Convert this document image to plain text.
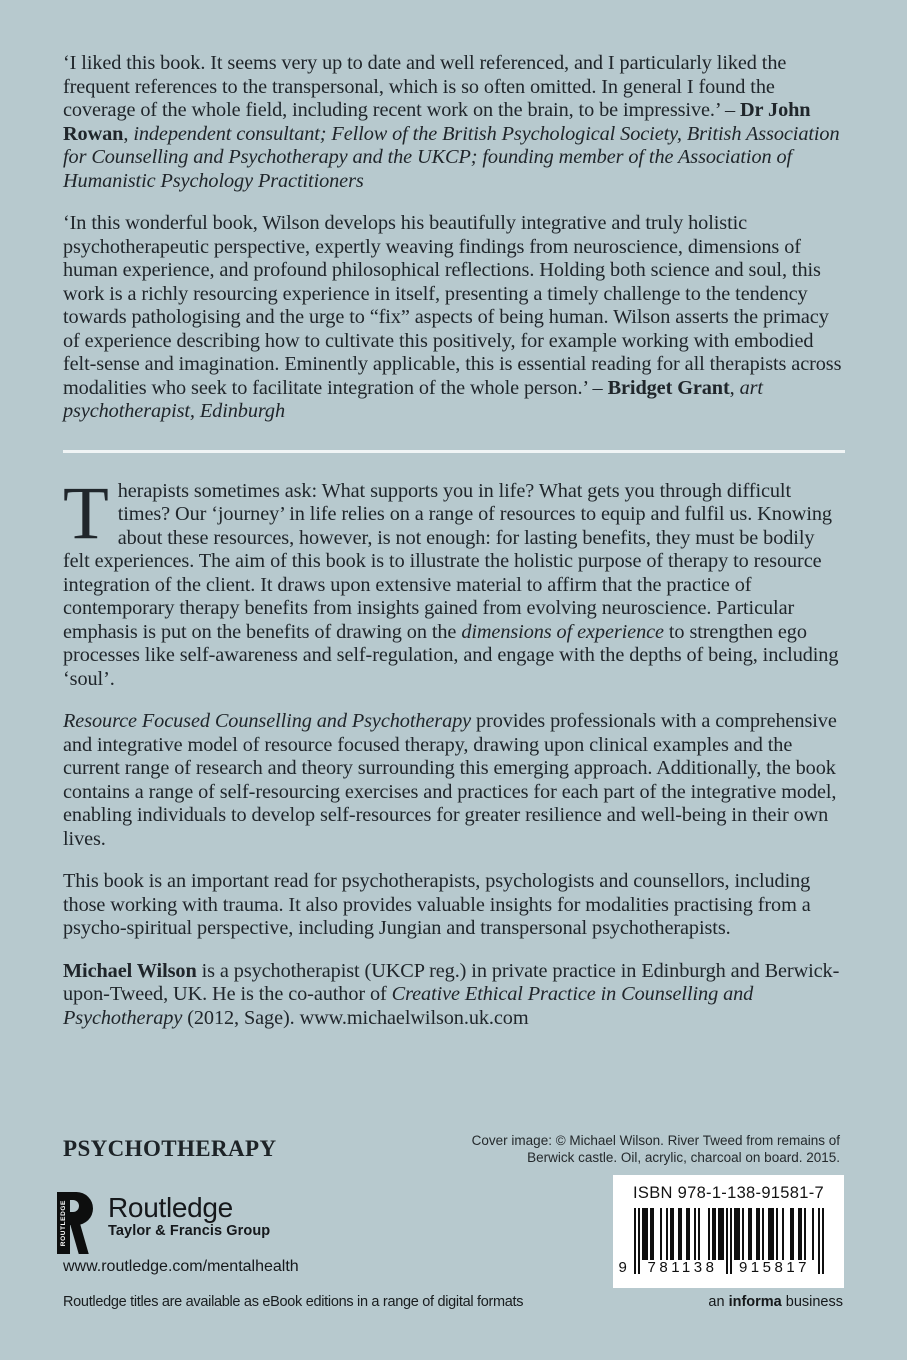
‘I liked this book. It seems very up to date and well referenced, and I particularly liked the frequent references to the transpersonal, which is so often omitted. In general I found the coverage of the whole field, including recent work on the brain, to be impressive.’ – Dr John Rowan, independent consultant; Fellow of the British Psychological Society, British Association for Counselling and Psychotherapy and the UKCP; founding member of the Association of Humanistic Psychology Practitioners

‘In this wonderful book, Wilson develops his beautifully integrative and truly holistic psychotherapeutic perspective, expertly weaving findings from neuroscience, dimensions of human experience, and profound philosophical reflections. Holding both science and soul, this work is a richly resourcing experience in itself, presenting a timely challenge to the tendency towards pathologising and the urge to “fix” aspects of being human. Wilson asserts the primacy of experience describing how to cultivate this positively, for example working with embodied felt-sense and imagination. Eminently applicable, this is essential reading for all therapists across modalities who seek to facilitate integration of the whole person.’ – Bridget Grant, art psychotherapist, Edinburgh

Therapists sometimes ask: What supports you in life? What gets you through difficult times? Our ‘journey’ in life relies on a range of resources to equip and fulfil us. Knowing about these resources, however, is not enough: for lasting benefits, they must be bodily felt experiences. The aim of this book is to illustrate the holistic purpose of therapy to resource integration of the client. It draws upon extensive material to affirm that the practice of contemporary therapy benefits from insights gained from evolving neuroscience. Particular emphasis is put on the benefits of drawing on the dimensions of experience to strengthen ego processes like self-awareness and self-regulation, and engage with the depths of being, including ‘soul’.

Resource Focused Counselling and Psychotherapy provides professionals with a comprehensive and integrative model of resource focused therapy, drawing upon clinical examples and the current range of research and theory surrounding this emerging approach. Additionally, the book contains a range of self-resourcing exercises and practices for each part of the integrative model, enabling individuals to develop self-resources for greater resilience and well-being in their own lives.

This book is an important read for psychotherapists, psychologists and counsellors, including those working with trauma. It also provides valuable insights for modalities practising from a psycho-spiritual perspective, including Jungian and transpersonal psychotherapists.

Michael Wilson is a psychotherapist (UKCP reg.) in private practice in Edinburgh and Berwick-upon-Tweed, UK. He is the co-author of Creative Ethical Practice in Counselling and Psychotherapy (2012, Sage). www.michaelwilson.uk.com

PSYCHOTHERAPY	Cover image: © Michael Wilson. River Tweed from remains of
Berwick castle. Oil, acrylic, charcoal on board. 2015.
ISBN 978-1-138-91581-7
9	781138	915817
an informa business
ROUTLEDGE Routledge
Taylor & Francis Group
www.routledge.com/mentalhealth
Routledge titles are available as eBook editions in a range of digital formats
